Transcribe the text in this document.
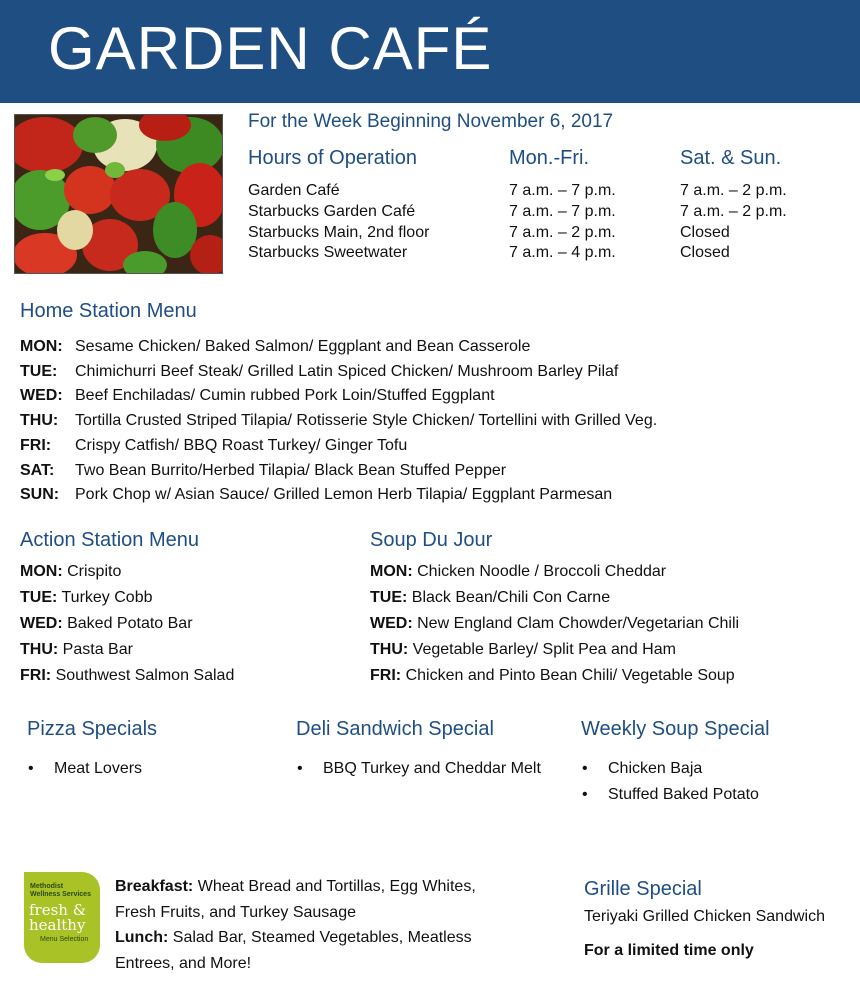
GARDEN CAFÉ
For the Week Beginning November 6, 2017
Hours of Operation	Mon.-Fri.	Sat. & Sun.
Garden Café	7 a.m. – 7 p.m.	7 a.m. – 2 p.m.
Starbucks Garden Café	7 a.m. – 7 p.m.	7 a.m. – 2 p.m.
Starbucks Main, 2nd floor	7 a.m. – 2 p.m.	Closed
Starbucks Sweetwater	7 a.m. – 4 p.m.	Closed
Home Station Menu
MON: Sesame Chicken/ Baked Salmon/ Eggplant and Bean Casserole
TUE: Chimichurri Beef Steak/ Grilled Latin Spiced Chicken/ Mushroom Barley Pilaf
WED: Beef Enchiladas/ Cumin rubbed Pork Loin/Stuffed Eggplant
THU: Tortilla Crusted Striped Tilapia/ Rotisserie Style Chicken/ Tortellini with Grilled Veg.
FRI: Crispy Catfish/ BBQ Roast Turkey/ Ginger Tofu
SAT: Two Bean Burrito/Herbed Tilapia/ Black Bean Stuffed Pepper
SUN: Pork Chop w/ Asian Sauce/ Grilled Lemon Herb Tilapia/ Eggplant Parmesan
Action Station Menu
MON: Crispito
TUE: Turkey Cobb
WED: Baked Potato Bar
THU: Pasta Bar
FRI: Southwest Salmon Salad
Soup Du Jour
MON: Chicken Noodle / Broccoli Cheddar
TUE: Black Bean/Chili Con Carne
WED: New England Clam Chowder/Vegetarian Chili
THU: Vegetable Barley/ Split Pea and Ham
FRI: Chicken and Pinto Bean Chili/ Vegetable Soup
Pizza Specials
• Meat Lovers
Deli Sandwich Special
• BBQ Turkey and Cheddar Melt
Weekly Soup Special
• Chicken Baja
• Stuffed Baked Potato
Methodist
Wellness Services
fresh &
healthy
Menu Selection
Breakfast: Wheat Bread and Tortillas, Egg Whites,
Fresh Fruits, and Turkey Sausage
Lunch: Salad Bar, Steamed Vegetables, Meatless
Entrees, and More!
Grille Special
Teriyaki Grilled Chicken Sandwich
For a limited time only
